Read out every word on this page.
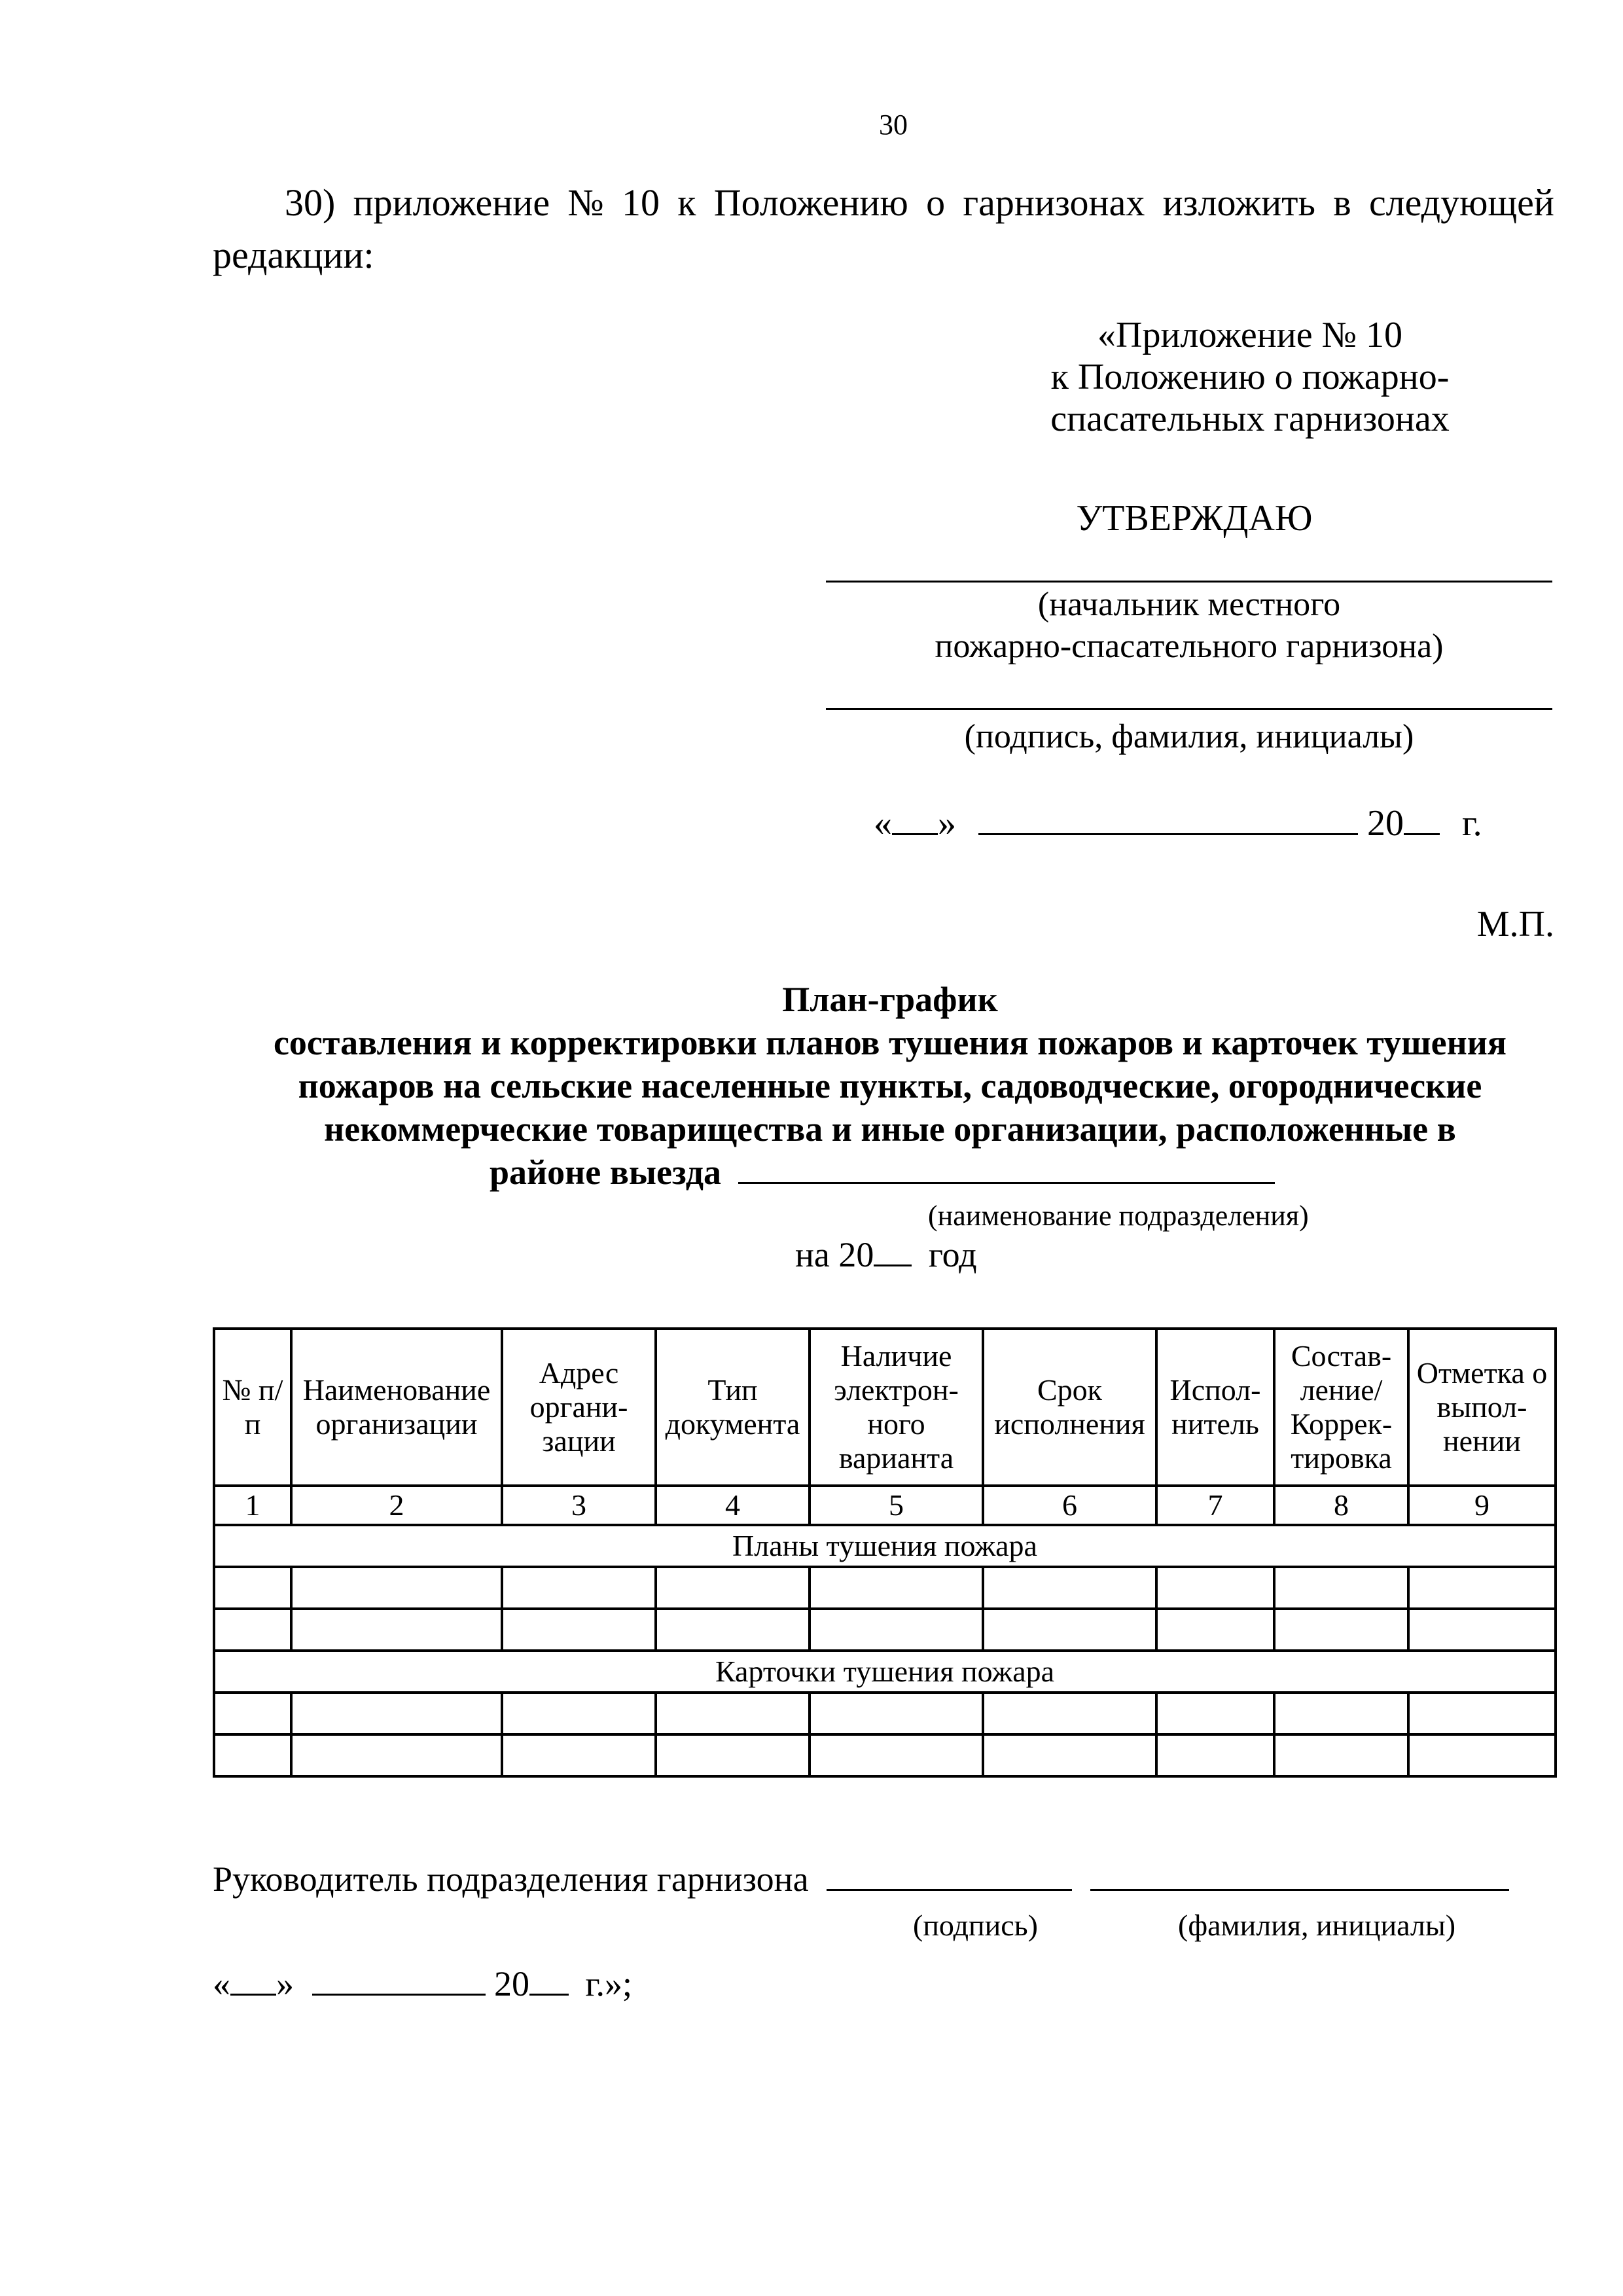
30
30) приложение № 10 к Положению о гарнизонах изложить в следующей
редакции:
«Приложение № 10
к Положению о пожарно-
спасательных гарнизонах
УТВЕРЖДАЮ
(начальник местного
пожарно-спасательного гарнизона)
(подпись, фамилия, инициалы)
« »	20 г.
М.П.
План-график
составления и корректировки планов тушения пожаров и карточек тушения
пожаров на сельские населенные пункты, садоводческие, огороднические
некоммерческие товарищества и иные организации, расположенные в
районе выезда
(наименование подразделения)
на 20 год
№ п/п	Наименование организации	Адрес органи- зации	Тип документа	Наличие электрон- ного варианта	Срок исполнения	Испол- нитель	Состав- ление/ Коррек- тировка	Отметка о выпол- нении
1	2	3	4	5	6	7	8	9
Планы тушения пожара								

Карточки тушения пожара								

Руководитель подразделения гарнизона
(подпись)	(фамилия, инициалы)
« »	20 г.»;
